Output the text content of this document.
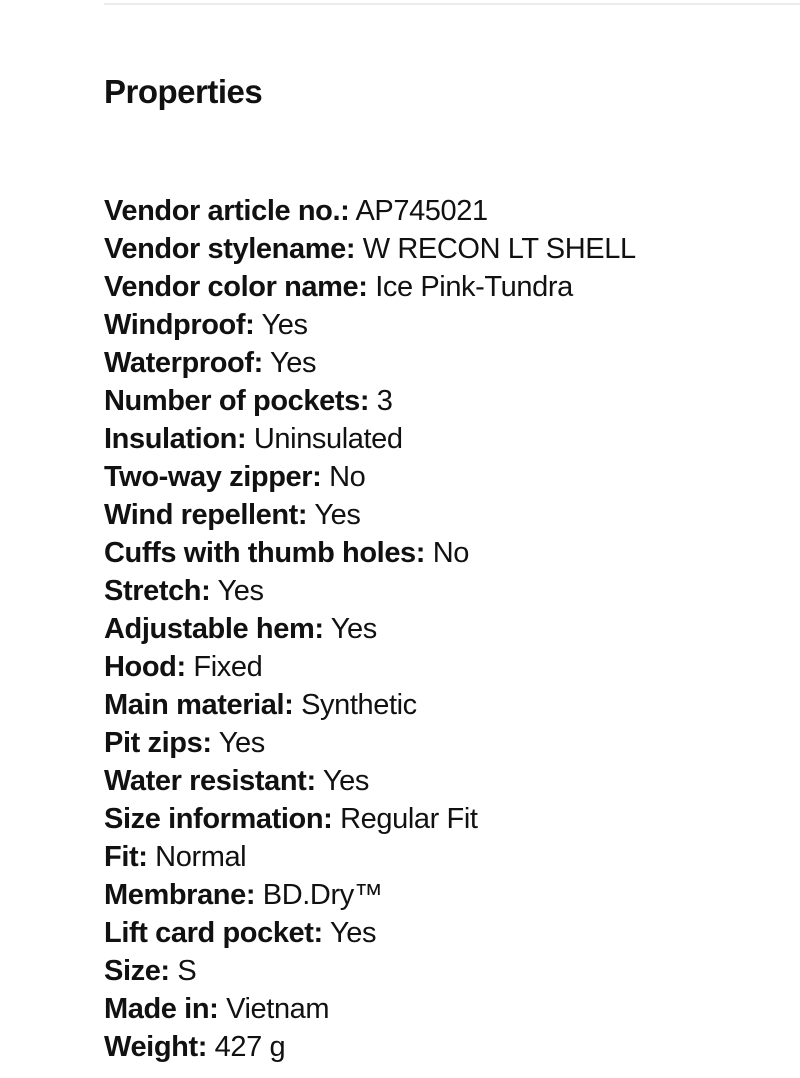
Properties
Vendor article no.: AP745021
Vendor stylename: W RECON LT SHELL
Vendor color name: Ice Pink-Tundra
Windproof: Yes
Waterproof: Yes
Number of pockets: 3
Insulation: Uninsulated
Two-way zipper: No
Wind repellent: Yes
Cuffs with thumb holes: No
Stretch: Yes
Adjustable hem: Yes
Hood: Fixed
Main material: Synthetic
Pit zips: Yes
Water resistant: Yes
Size information: Regular Fit
Fit: Normal
Membrane: BD.Dry™
Lift card pocket: Yes
Size: S
Made in: Vietnam
Weight: 427 g
